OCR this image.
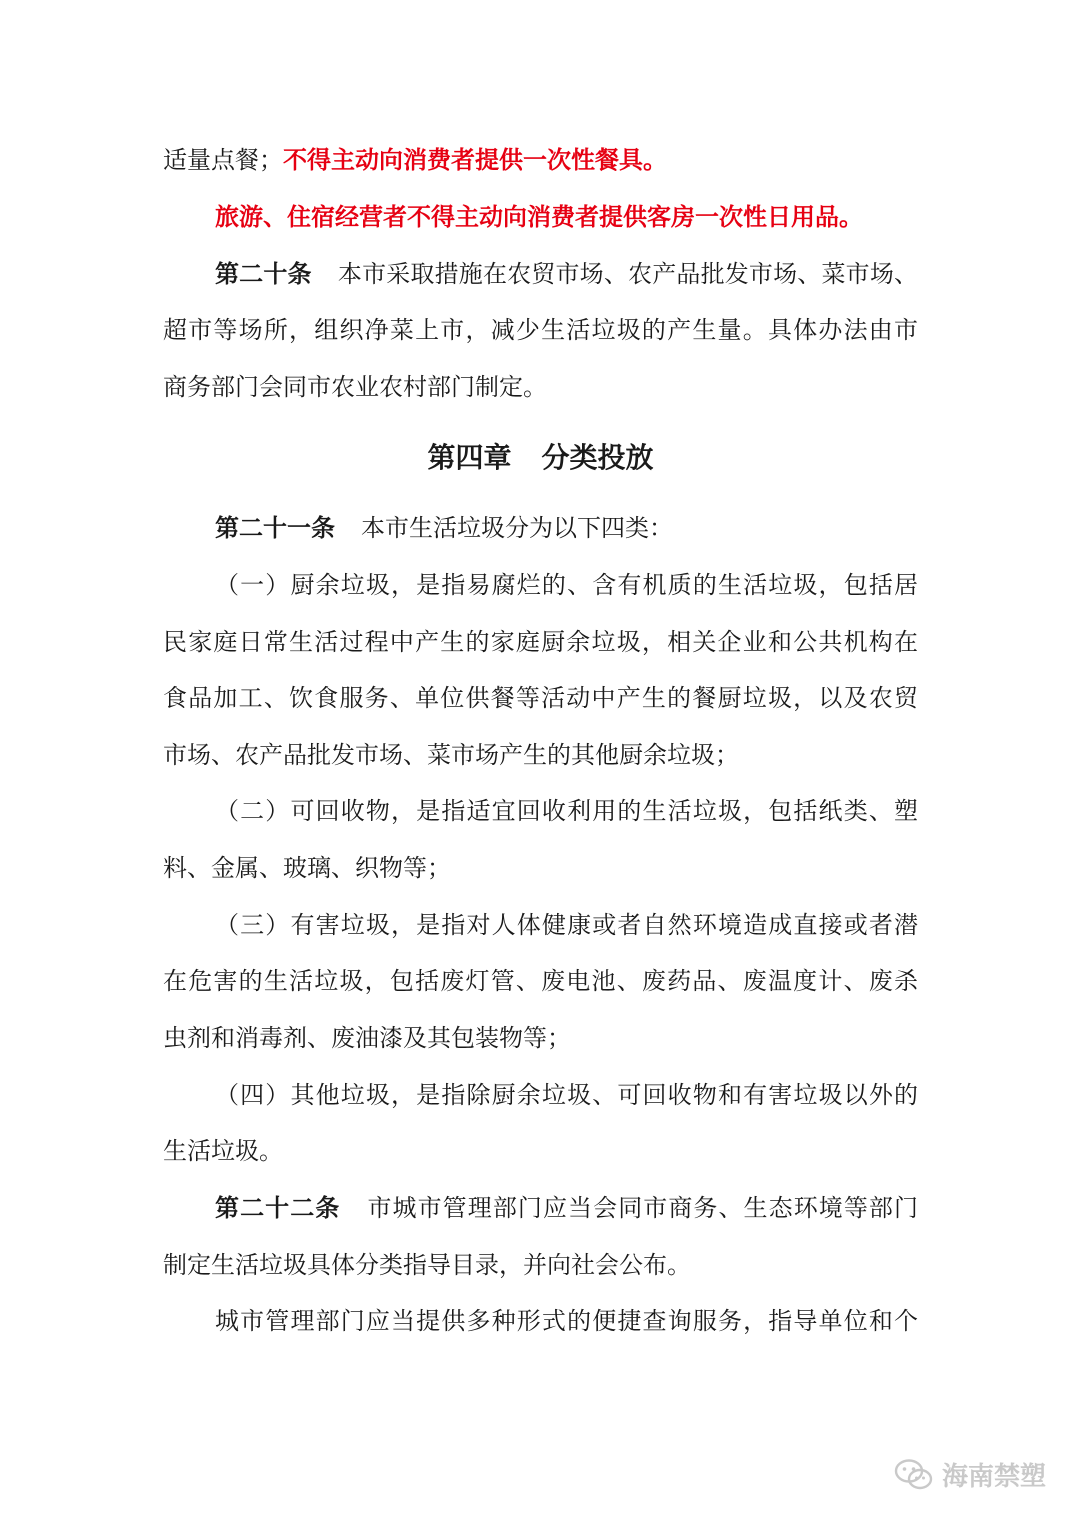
适量点餐；不得主动向消费者提供一次性餐具。
旅游、住宿经营者不得主动向消费者提供客房一次性日用品。
第二十条 本市采取措施在农贸市场、农产品批发市场、菜市场、
超市等场所，组织净菜上市，减少生活垃圾的产生量。具体办法由市
商务部门会同市农业农村部门制定。
第四章 分类投放
第二十一条 本市生活垃圾分为以下四类：
（一）厨余垃圾，是指易腐烂的、含有机质的生活垃圾，包括居
民家庭日常生活过程中产生的家庭厨余垃圾，相关企业和公共机构在
食品加工、饮食服务、单位供餐等活动中产生的餐厨垃圾，以及农贸
市场、农产品批发市场、菜市场产生的其他厨余垃圾；
（二）可回收物，是指适宜回收利用的生活垃圾，包括纸类、塑
料、金属、玻璃、织物等；
（三）有害垃圾，是指对人体健康或者自然环境造成直接或者潜
在危害的生活垃圾，包括废灯管、废电池、废药品、废温度计、废杀
虫剂和消毒剂、废油漆及其包装物等；
（四）其他垃圾，是指除厨余垃圾、可回收物和有害垃圾以外的
生活垃圾。
第二十二条 市城市管理部门应当会同市商务、生态环境等部门
制定生活垃圾具体分类指导目录，并向社会公布。
城市管理部门应当提供多种形式的便捷查询服务，指导单位和个
海南禁塑
